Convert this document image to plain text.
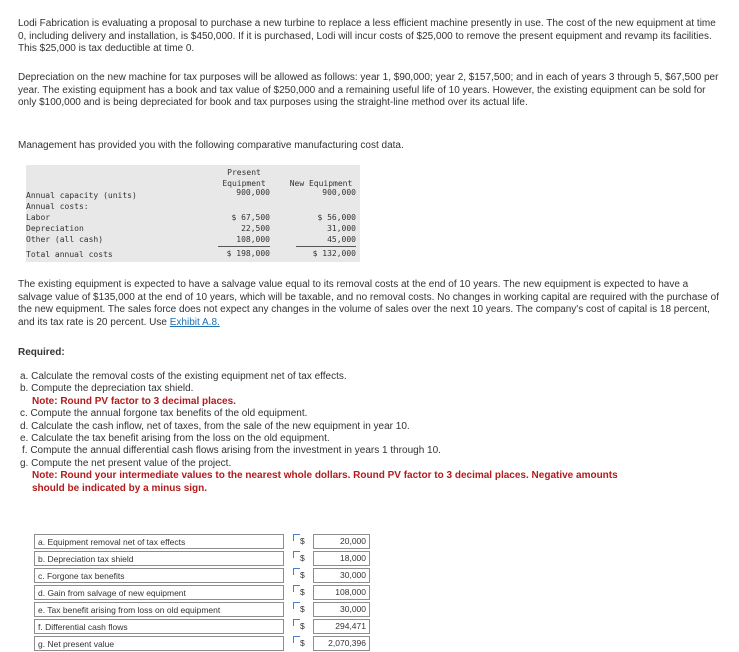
Lodi Fabrication is evaluating a proposal to purchase a new turbine to replace a less efficient machine presently in use. The cost of the new equipment at time 0, including delivery and installation, is $450,000. If it is purchased, Lodi will incur costs of $25,000 to remove the present equipment and revamp its facilities. This $25,000 is tax deductible at time 0.

Depreciation on the new machine for tax purposes will be allowed as follows: year 1, $90,000; year 2, $157,500; and in each of years 3 through 5, $67,500 per year. The existing equipment has a book and tax value of $250,000 and a remaining useful life of 10 years. However, the existing equipment can be sold for only $100,000 and is being depreciated for book and tax purposes using the straight-line method over its actual life.

Management has provided you with the following comparative manufacturing cost data.

Present
Equipment	New Equipment
Annual capacity (units)	900,000	900,000
Annual costs:
Labor	$ 67,500	$ 56,000
Depreciation	22,500	31,000
Other (all cash)	108,000	45,000
Total annual costs	$ 198,000	$ 132,000

The existing equipment is expected to have a salvage value equal to its removal costs at the end of 10 years. The new equipment is expected to have a salvage value of $135,000 at the end of 10 years, which will be taxable, and no removal costs. No changes in working capital are required with the purchase of the new equipment. The sales force does not expect any changes in the volume of sales over the next 10 years. The company's cost of capital is 18 percent, and its tax rate is 20 percent. Use Exhibit A.8.

Required:
a. Calculate the removal costs of the existing equipment net of tax effects.
b. Compute the depreciation tax shield.
Note: Round PV factor to 3 decimal places.
c. Compute the annual forgone tax benefits of the old equipment.
d. Calculate the cash inflow, net of taxes, from the sale of the new equipment in year 10.
e. Calculate the tax benefit arising from the loss on the old equipment.
f. Compute the annual differential cash flows arising from the investment in years 1 through 10.
g. Compute the net present value of the project.
Note: Round your intermediate values to the nearest whole dollars. Round PV factor to 3 decimal places. Negative amounts
should be indicated by a minus sign.
a. Equipment removal net of tax effects	$	20,000
b. Depreciation tax shield	$	18,000
c. Forgone tax benefits	$	30,000
d. Gain from salvage of new equipment	$	108,000
e. Tax benefit arising from loss on old equipment	$	30,000
f. Differential cash flows	$	294,471
g. Net present value	$	2,070,396
